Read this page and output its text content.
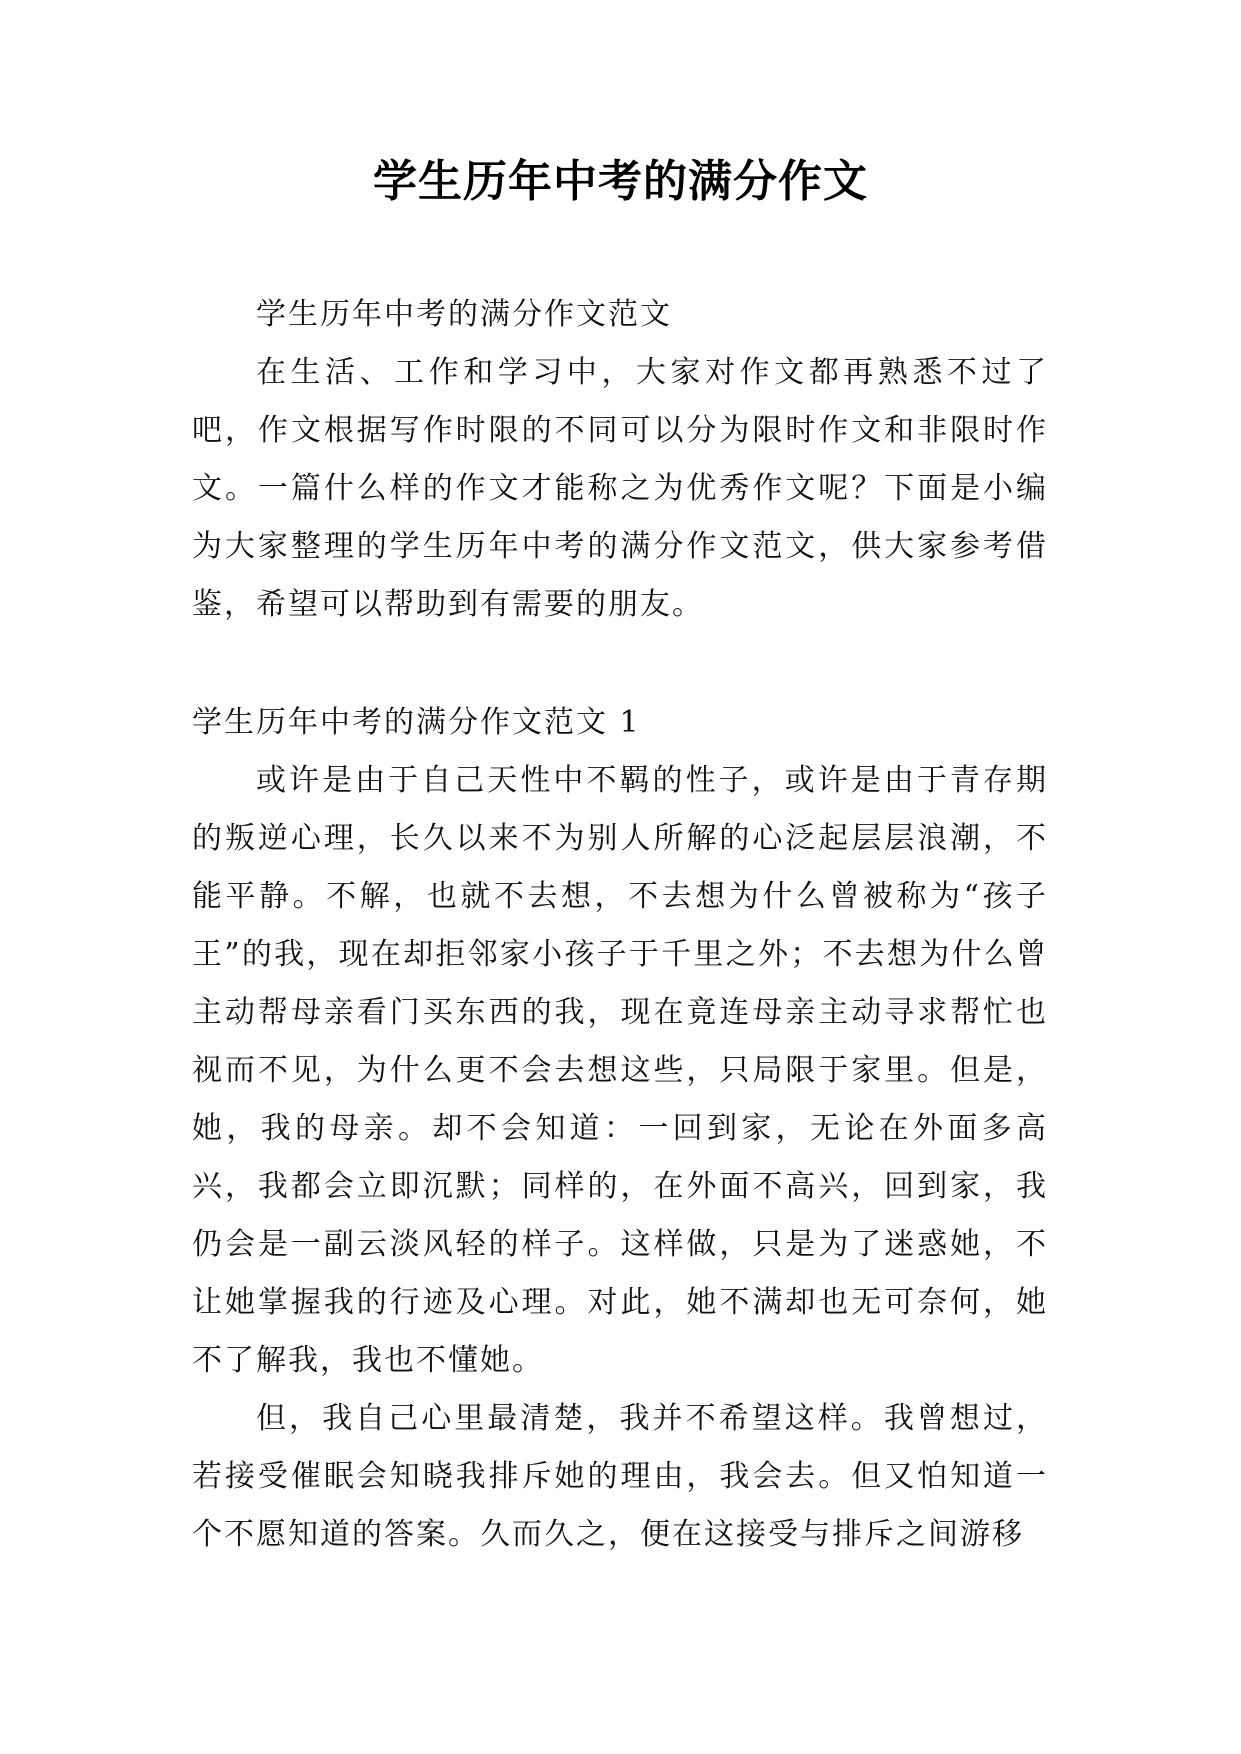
学生历年中考的满分作文

学生历年中考的满分作文范文

在生活、工作和学习中，大家对作文都再熟悉不过了吧，作文根据写作时限的不同可以分为限时作文和非限时作文。一篇什么样的作文才能称之为优秀作文呢？下面是小编为大家整理的学生历年中考的满分作文范文，供大家参考借鉴，希望可以帮助到有需要的朋友。

学生历年中考的满分作文范文 1

或许是由于自己天性中不羁的性子，或许是由于青存期的叛逆心理，长久以来不为别人所解的心泛起层层浪潮，不能平静。不解，也就不去想，不去想为什么曾被称为“孩子王”的我，现在却拒邻家小孩子于千里之外；不去想为什么曾主动帮母亲看门买东西的我，现在竟连母亲主动寻求帮忙也视而不见，为什么更不会去想这些，只局限于家里。但是，她，我的母亲。却不会知道：一回到家，无论在外面多高兴，我都会立即沉默；同样的，在外面不高兴，回到家，我仍会是一副云淡风轻的样子。这样做，只是为了迷惑她，不让她掌握我的行迹及心理。对此，她不满却也无可奈何，她不了解我，我也不懂她。

但，我自己心里最清楚，我并不希望这样。我曾想过，若接受催眠会知晓我排斥她的理由，我会去。但又怕知道一个不愿知道的答案。久而久之，便在这接受与排斥之间游移
